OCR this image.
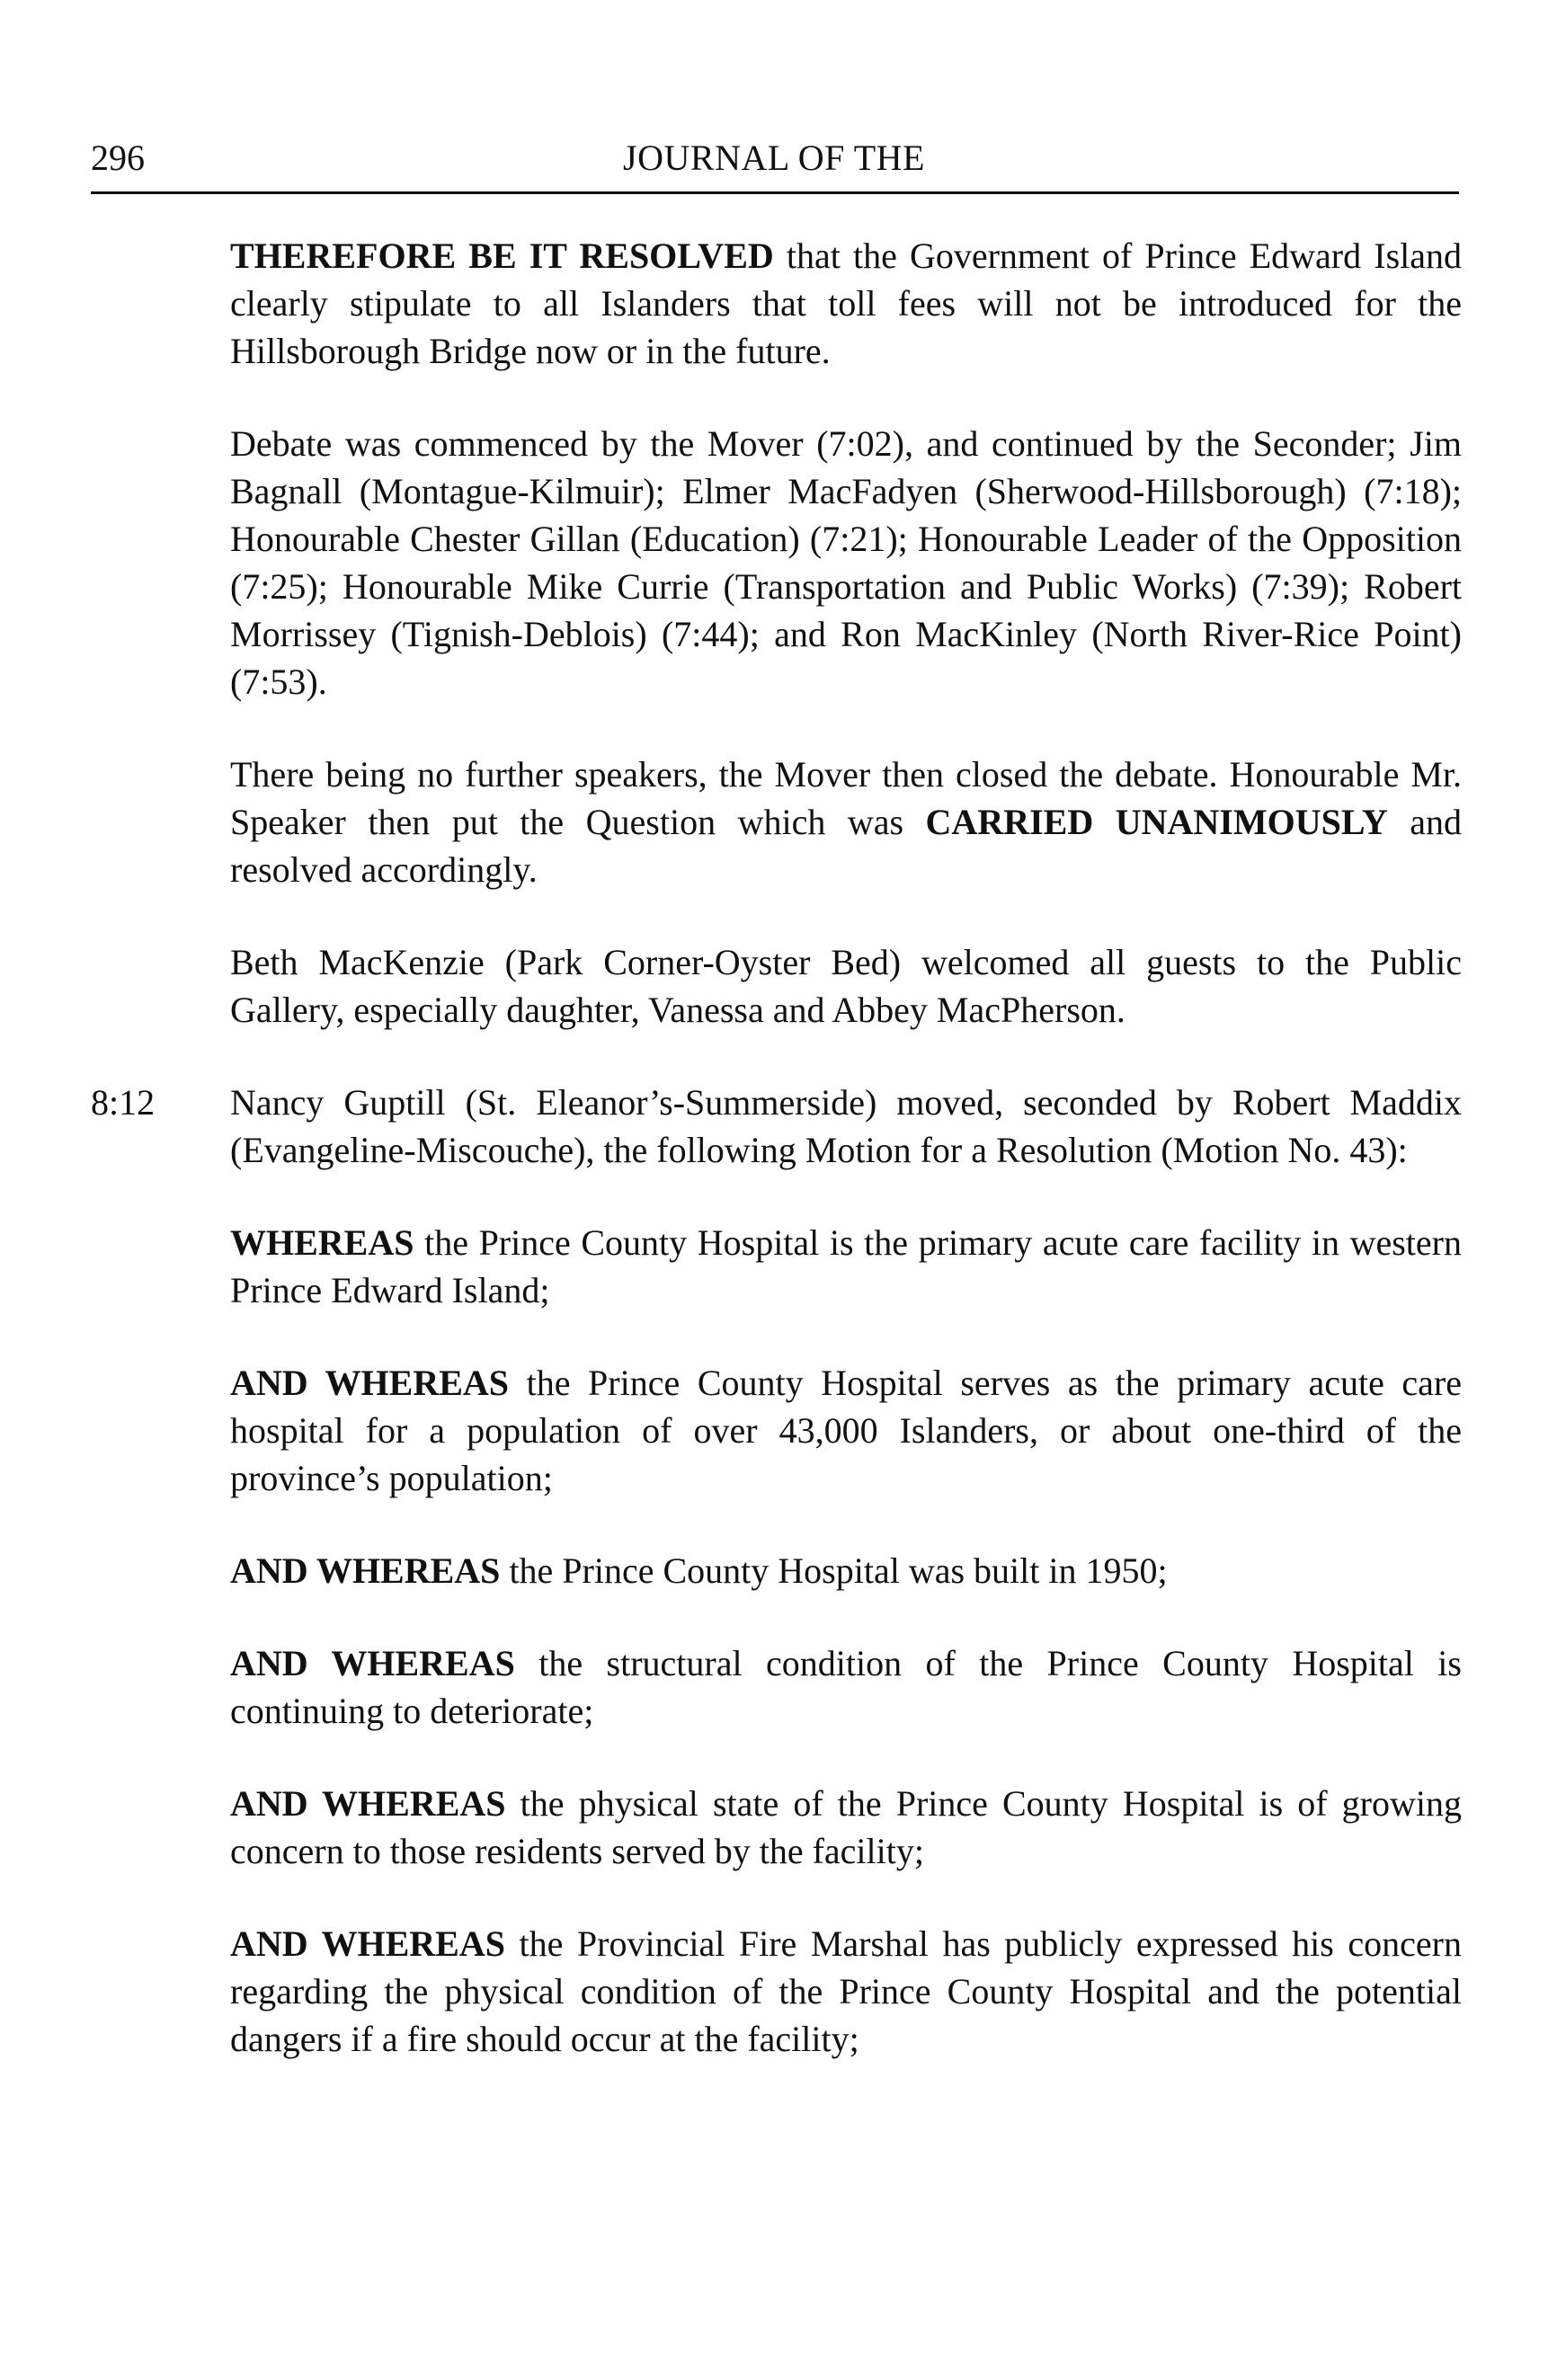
296	JOURNAL OF THE

THEREFORE BE IT RESOLVED that the Government of Prince Edward Island clearly stipulate to all Islanders that toll fees will not be introduced for the Hillsborough Bridge now or in the future.

Debate was commenced by the Mover (7:02), and continued by the Seconder; Jim Bagnall (Montague-Kilmuir); Elmer MacFadyen (Sherwood-Hillsborough) (7:18); Honourable Chester Gillan (Education) (7:21); Honourable Leader of the Opposition (7:25); Honourable Mike Currie (Transportation and Public Works) (7:39); Robert Morrissey (Tignish-Deblois) (7:44); and Ron MacKinley (North River-Rice Point) (7:53).

There being no further speakers, the Mover then closed the debate. Honourable Mr. Speaker then put the Question which was CARRIED UNANIMOUSLY and resolved accordingly.

Beth MacKenzie (Park Corner-Oyster Bed) welcomed all guests to the Public Gallery, especially daughter, Vanessa and Abbey MacPherson.

8:12 Nancy Guptill (St. Eleanor’s-Summerside) moved, seconded by Robert Maddix (Evangeline-Miscouche), the following Motion for a Resolution (Motion No. 43):

WHEREAS the Prince County Hospital is the primary acute care facility in western Prince Edward Island;

AND WHEREAS the Prince County Hospital serves as the primary acute care hospital for a population of over 43,000 Islanders, or about one-third of the province’s population;

AND WHEREAS the Prince County Hospital was built in 1950;

AND WHEREAS the structural condition of the Prince County Hospital is continuing to deteriorate;

AND WHEREAS the physical state of the Prince County Hospital is of growing concern to those residents served by the facility;

AND WHEREAS the Provincial Fire Marshal has publicly expressed his concern regarding the physical condition of the Prince County Hospital and the potential dangers if a fire should occur at the facility;
